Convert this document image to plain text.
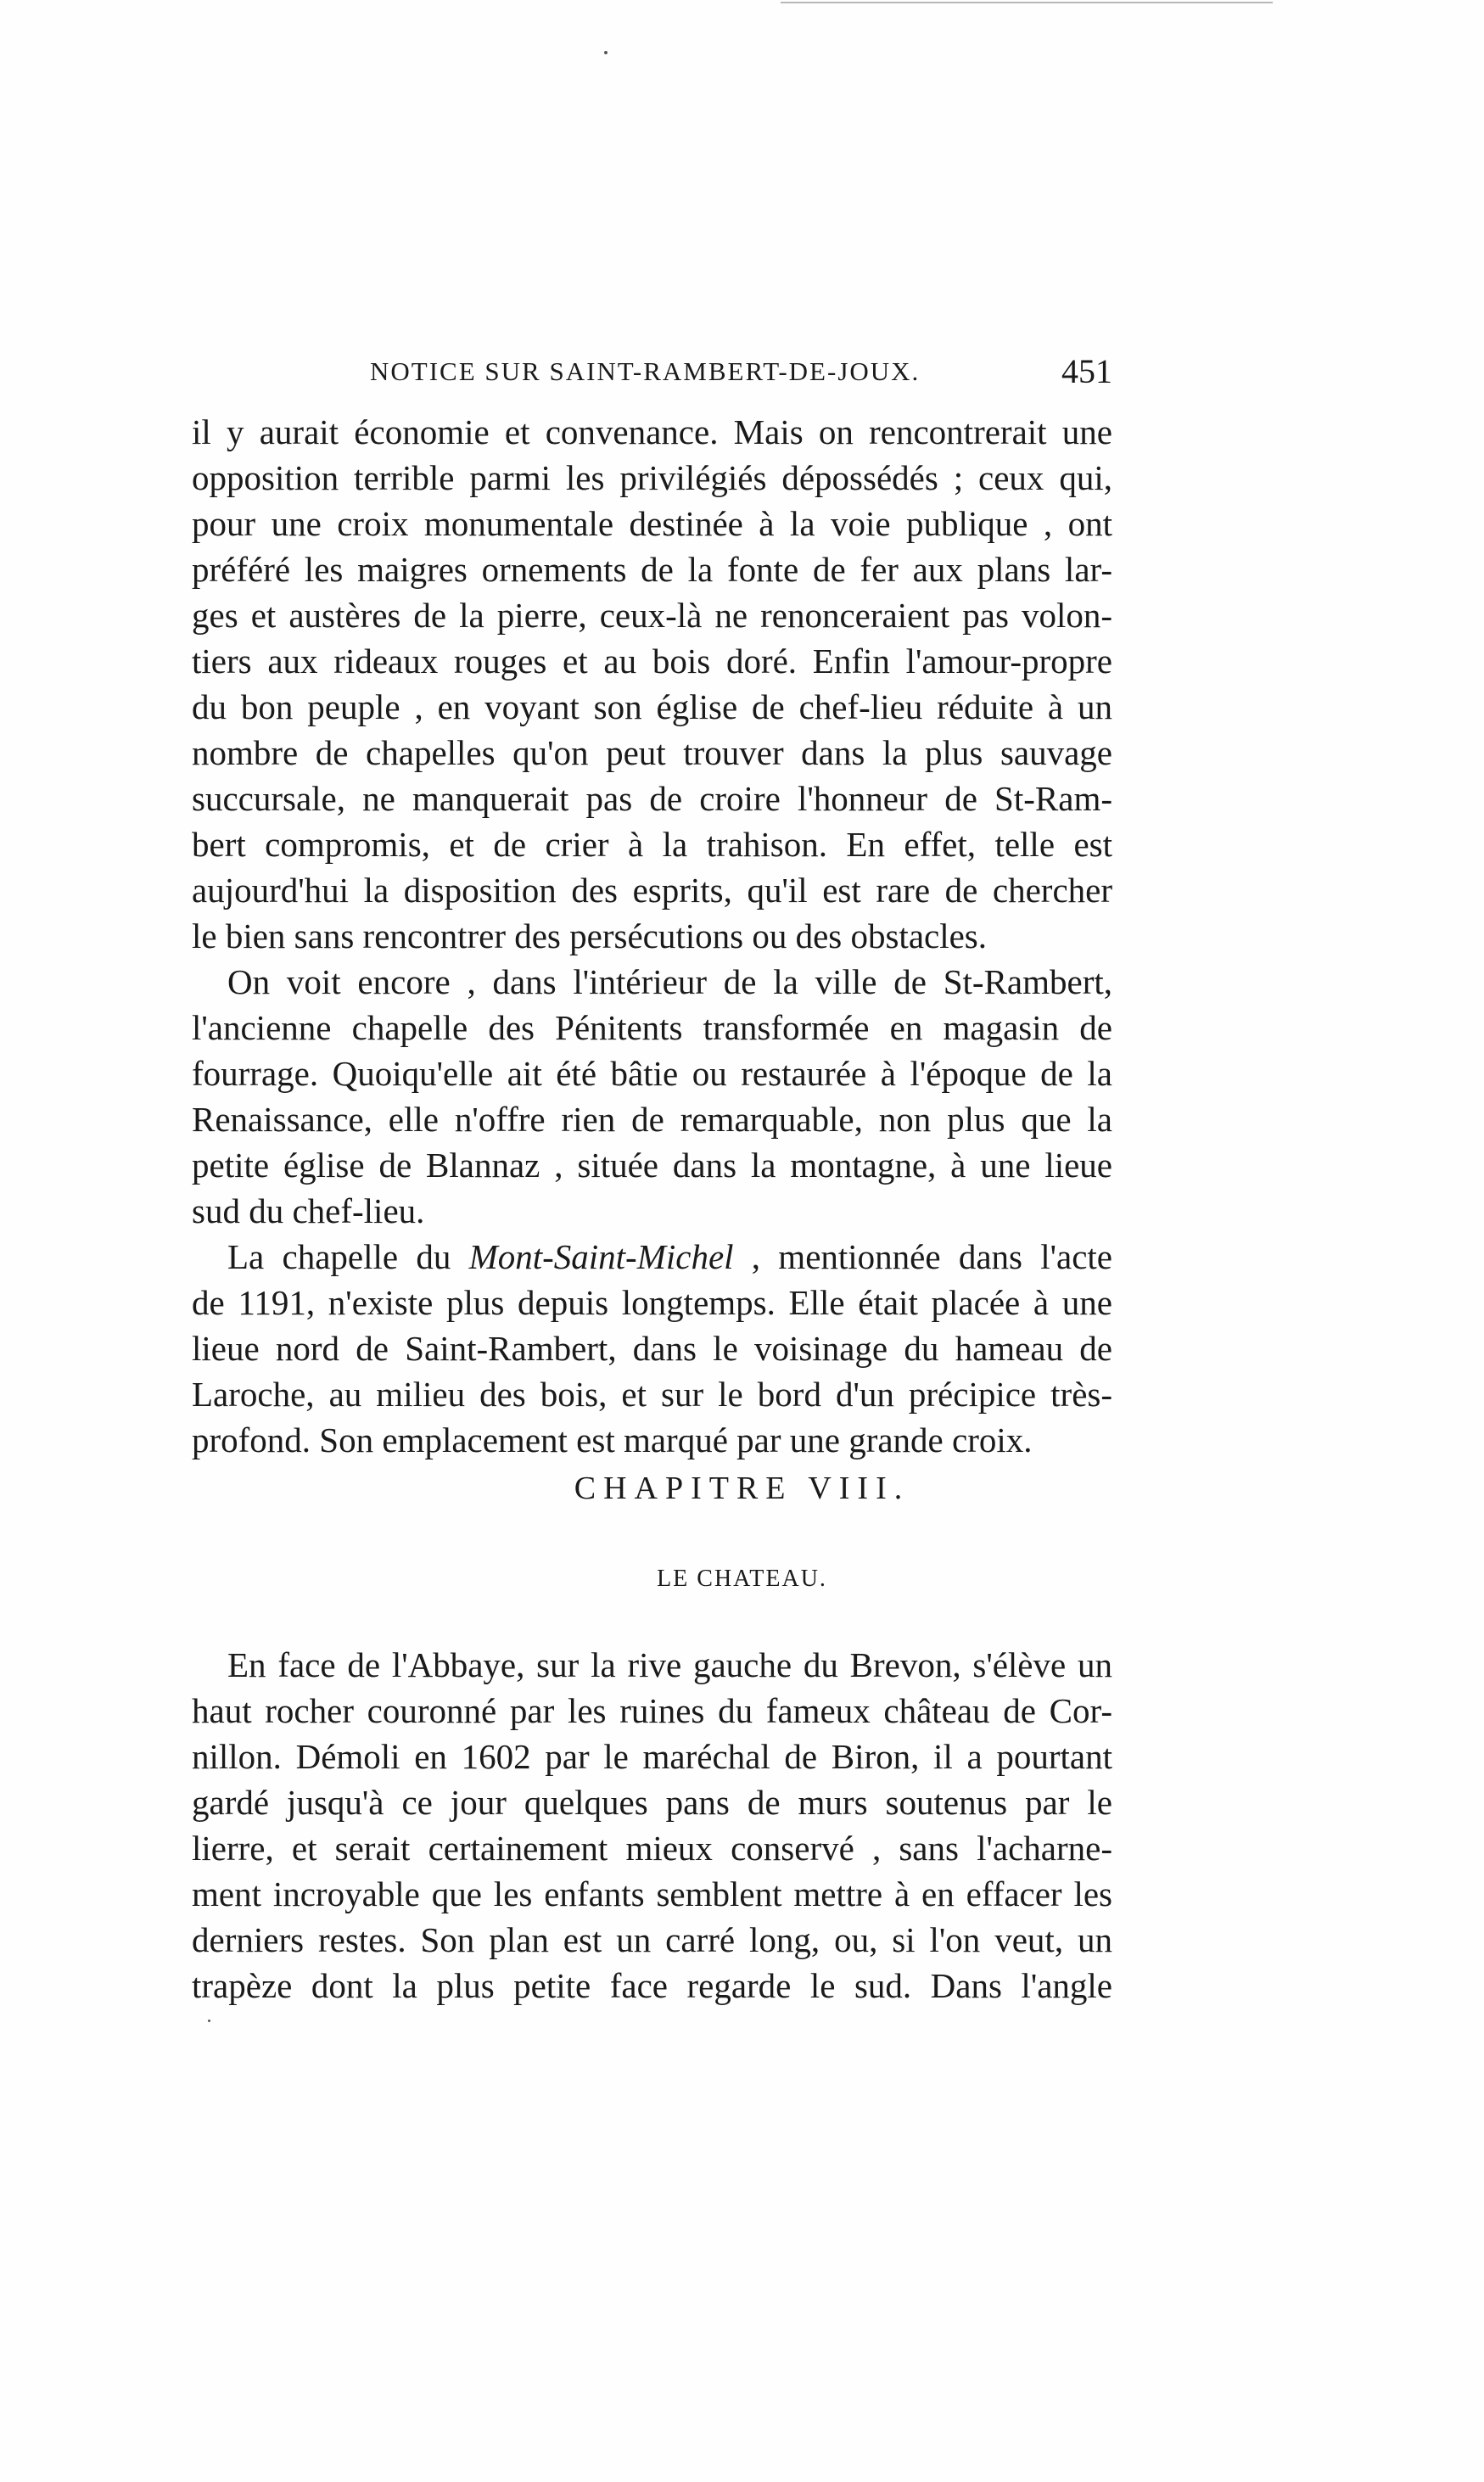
NOTICE SUR SAINT-RAMBERT-DE-JOUX.	451
il y aurait économie et convenance. Mais on rencontrerait une
opposition terrible parmi les privilégiés dépossédés ; ceux qui,
pour une croix monumentale destinée à la voie publique , ont
préféré les maigres ornements de la fonte de fer aux plans lar-
ges et austères de la pierre, ceux-là ne renonceraient pas volon-
tiers aux rideaux rouges et au bois doré. Enfin l'amour-propre
du bon peuple , en voyant son église de chef-lieu réduite à un
nombre de chapelles qu'on peut trouver dans la plus sauvage
succursale, ne manquerait pas de croire l'honneur de St-Ram-
bert compromis, et de crier à la trahison. En effet, telle est
aujourd'hui la disposition des esprits, qu'il est rare de chercher
le bien sans rencontrer des persécutions ou des obstacles.
On voit encore , dans l'intérieur de la ville de St-Rambert,
l'ancienne chapelle des Pénitents transformée en magasin de
fourrage. Quoiqu'elle ait été bâtie ou restaurée à l'époque de la
Renaissance, elle n'offre rien de remarquable, non plus que la
petite église de Blannaz , située dans la montagne, à une lieue
sud du chef-lieu.
La chapelle du Mont-Saint-Michel , mentionnée dans l'acte
de 1191, n'existe plus depuis longtemps. Elle était placée à une
lieue nord de Saint-Rambert, dans le voisinage du hameau de
Laroche, au milieu des bois, et sur le bord d'un précipice très-
profond. Son emplacement est marqué par une grande croix.
CHAPITRE VIII.
LE CHATEAU.
En face de l'Abbaye, sur la rive gauche du Brevon, s'élève un
haut rocher couronné par les ruines du fameux château de Cor-
nillon. Démoli en 1602 par le maréchal de Biron, il a pourtant
gardé jusqu'à ce jour quelques pans de murs soutenus par le
lierre, et serait certainement mieux conservé , sans l'acharne-
ment incroyable que les enfants semblent mettre à en effacer les
derniers restes. Son plan est un carré long, ou, si l'on veut, un
trapèze dont la plus petite face regarde le sud. Dans l'angle
